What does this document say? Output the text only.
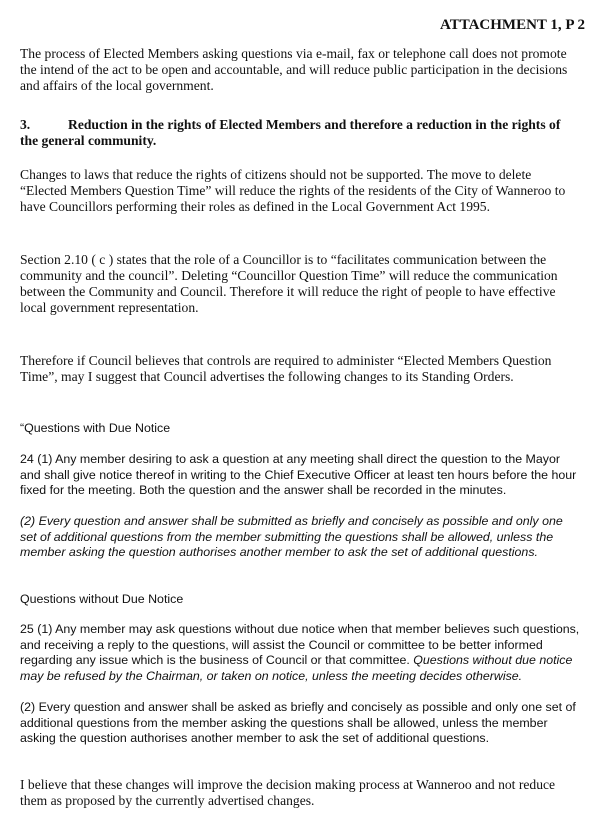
ATTACHMENT 1, P 2

The process of Elected Members asking questions via e-mail, fax or telephone call does not promote the intend of the act to be open and accountable, and will reduce public participation in the decisions and affairs of the local government.

3.	Reduction in the rights of Elected Members and therefore a reduction in the rights of the general community.

Changes to laws that reduce the rights of citizens should not be supported. The move to delete “Elected Members Question Time” will reduce the rights of the residents of the City of Wanneroo to have Councillors performing their roles as defined in the Local Government Act 1995.

Section 2.10 ( c ) states that the role of a Councillor is to “facilitates communication between the community and the council”. Deleting “Councillor Question Time” will reduce the communication between the Community and Council. Therefore it will reduce the right of people to have effective local government representation.

Therefore if Council believes that controls are required to administer “Elected Members Question Time”, may I suggest that Council advertises the following changes to its Standing Orders.

“Questions with Due Notice

24 (1) Any member desiring to ask a question at any meeting shall direct the question to the Mayor and shall give notice thereof in writing to the Chief Executive Officer at least ten hours before the hour fixed for the meeting. Both the question and the answer shall be recorded in the minutes.

(2) Every question and answer shall be submitted as briefly and concisely as possible and only one set of additional questions from the member submitting the questions shall be allowed, unless the member asking the question authorises another member to ask the set of additional questions.

Questions without Due Notice

25 (1) Any member may ask questions without due notice when that member believes such questions, and receiving a reply to the questions, will assist the Council or committee to be better informed regarding any issue which is the business of Council or that committee. Questions without due notice may be refused by the Chairman, or taken on notice, unless the meeting decides otherwise.

(2) Every question and answer shall be asked as briefly and concisely as possible and only one set of additional questions from the member asking the questions shall be allowed, unless the member asking the question authorises another member to ask the set of additional questions.

I believe that these changes will improve the decision making process at Wanneroo and not reduce them as proposed by the currently advertised changes.
